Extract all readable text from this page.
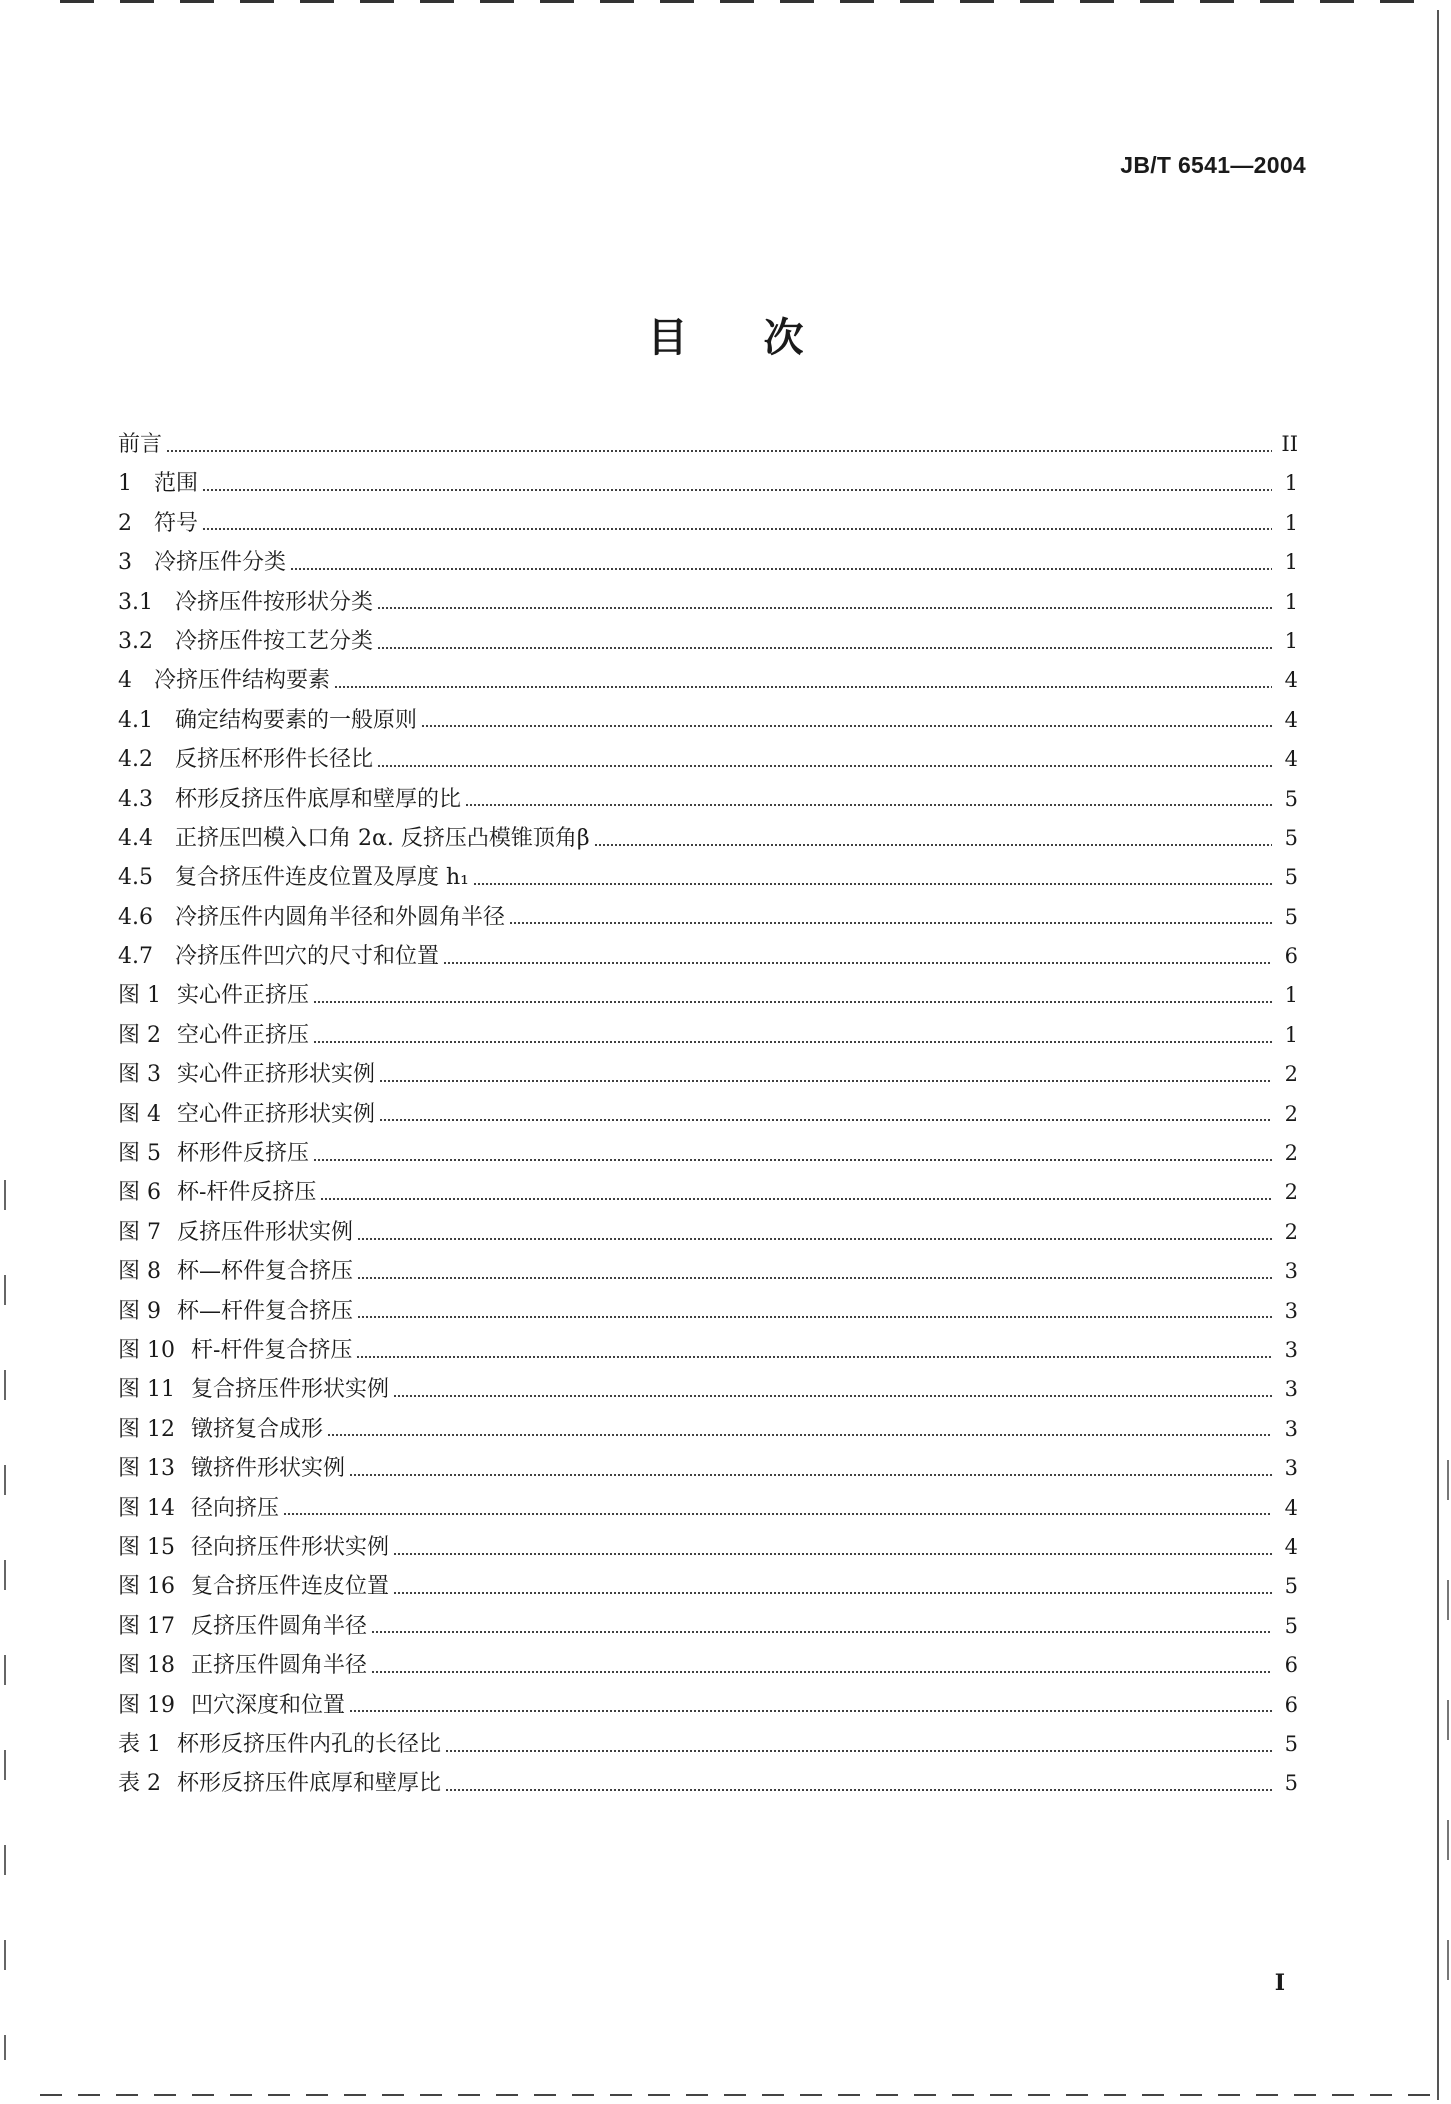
JB/T 6541—2004
目 次
前言	II
1 范围	1
2 符号	1
3 冷挤压件分类	1
3.1 冷挤压件按形状分类	1
3.2 冷挤压件按工艺分类	1
4 冷挤压件结构要素	4
4.1 确定结构要素的一般原则	4
4.2 反挤压杯形件长径比	4
4.3 杯形反挤压件底厚和壁厚的比	5
4.4 正挤压凹模入口角 2α. 反挤压凸模锥顶角β	5
4.5 复合挤压件连皮位置及厚度 h₁	5
4.6 冷挤压件内圆角半径和外圆角半径	5
4.7 冷挤压件凹穴的尺寸和位置	6
图 1 实心件正挤压	1
图 2 空心件正挤压	1
图 3 实心件正挤形状实例	2
图 4 空心件正挤形状实例	2
图 5 杯形件反挤压	2
图 6 杯-杆件反挤压	2
图 7 反挤压件形状实例	2
图 8 杯—杯件复合挤压	3
图 9 杯—杆件复合挤压	3
图 10 杆-杆件复合挤压	3
图 11 复合挤压件形状实例	3
图 12 镦挤复合成形	3
图 13 镦挤件形状实例	3
图 14 径向挤压	4
图 15 径向挤压件形状实例	4
图 16 复合挤压件连皮位置	5
图 17 反挤压件圆角半径	5
图 18 正挤压件圆角半径	6
图 19 凹穴深度和位置	6
表 1 杯形反挤压件内孔的长径比	5
表 2 杯形反挤压件底厚和壁厚比	5
I
